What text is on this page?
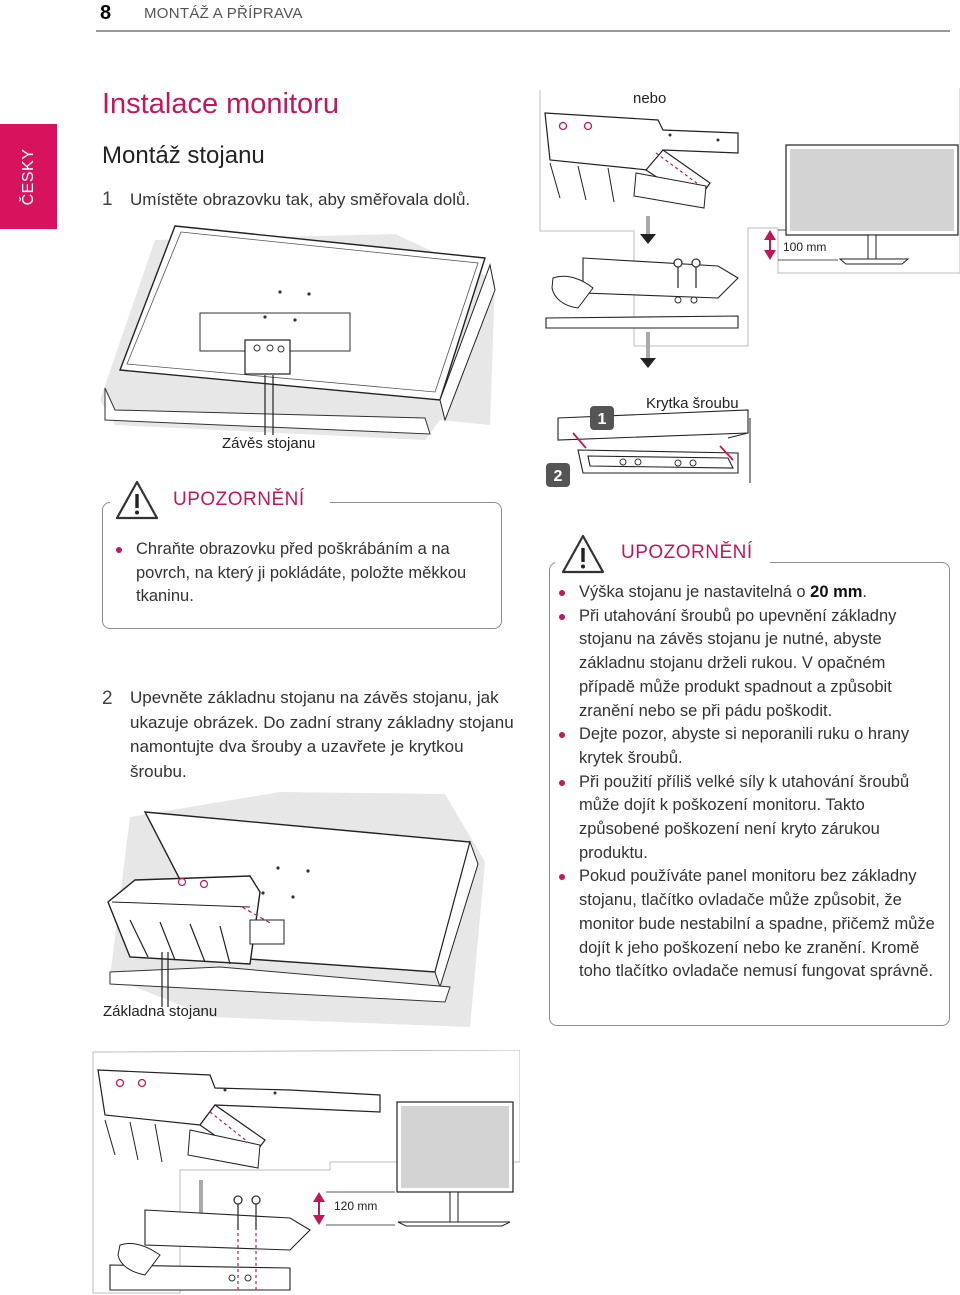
8 MONTÁŽ A PŘÍPRAVA
ČESKY
Instalace monitoru
Montáž stojanu
1 Umístěte obrazovku tak, aby směřovala dolů.
Závěs stojanu
UPOZORNĚNÍ
Chraňte obrazovku před poškrábáním a na povrch, na který ji pokládáte, položte měkkou tkaninu.
2 Upevněte základnu stojanu na závěs stojanu, jak ukazuje obrázek. Do zadní strany základny stojanu namontujte dva šrouby a uzavřete je krytkou šroubu.
Základna stojanu
120 mm
1
2
nebo
100 mm
Krytka šroubu
UPOZORNĚNÍ
Výška stojanu je nastavitelná o 20 mm.
Při utahování šroubů po upevnění základny stojanu na závěs stojanu je nutné, abyste základnu stojanu drželi rukou. V opačném případě může produkt spadnout a způsobit zranění nebo se při pádu poškodit.
Dejte pozor, abyste si neporanili ruku o hrany krytek šroubů.
Při použití příliš velké síly k utahování šroubů může dojít k poškození monitoru. Takto způsobené poškození není kryto zárukou produktu.
Pokud používáte panel monitoru bez základny stojanu, tlačítko ovladače může způsobit, že monitor bude nestabilní a spadne, přičemž může dojít k jeho poškození nebo ke zranění. Kromě toho tlačítko ovladače nemusí fungovat správně.
